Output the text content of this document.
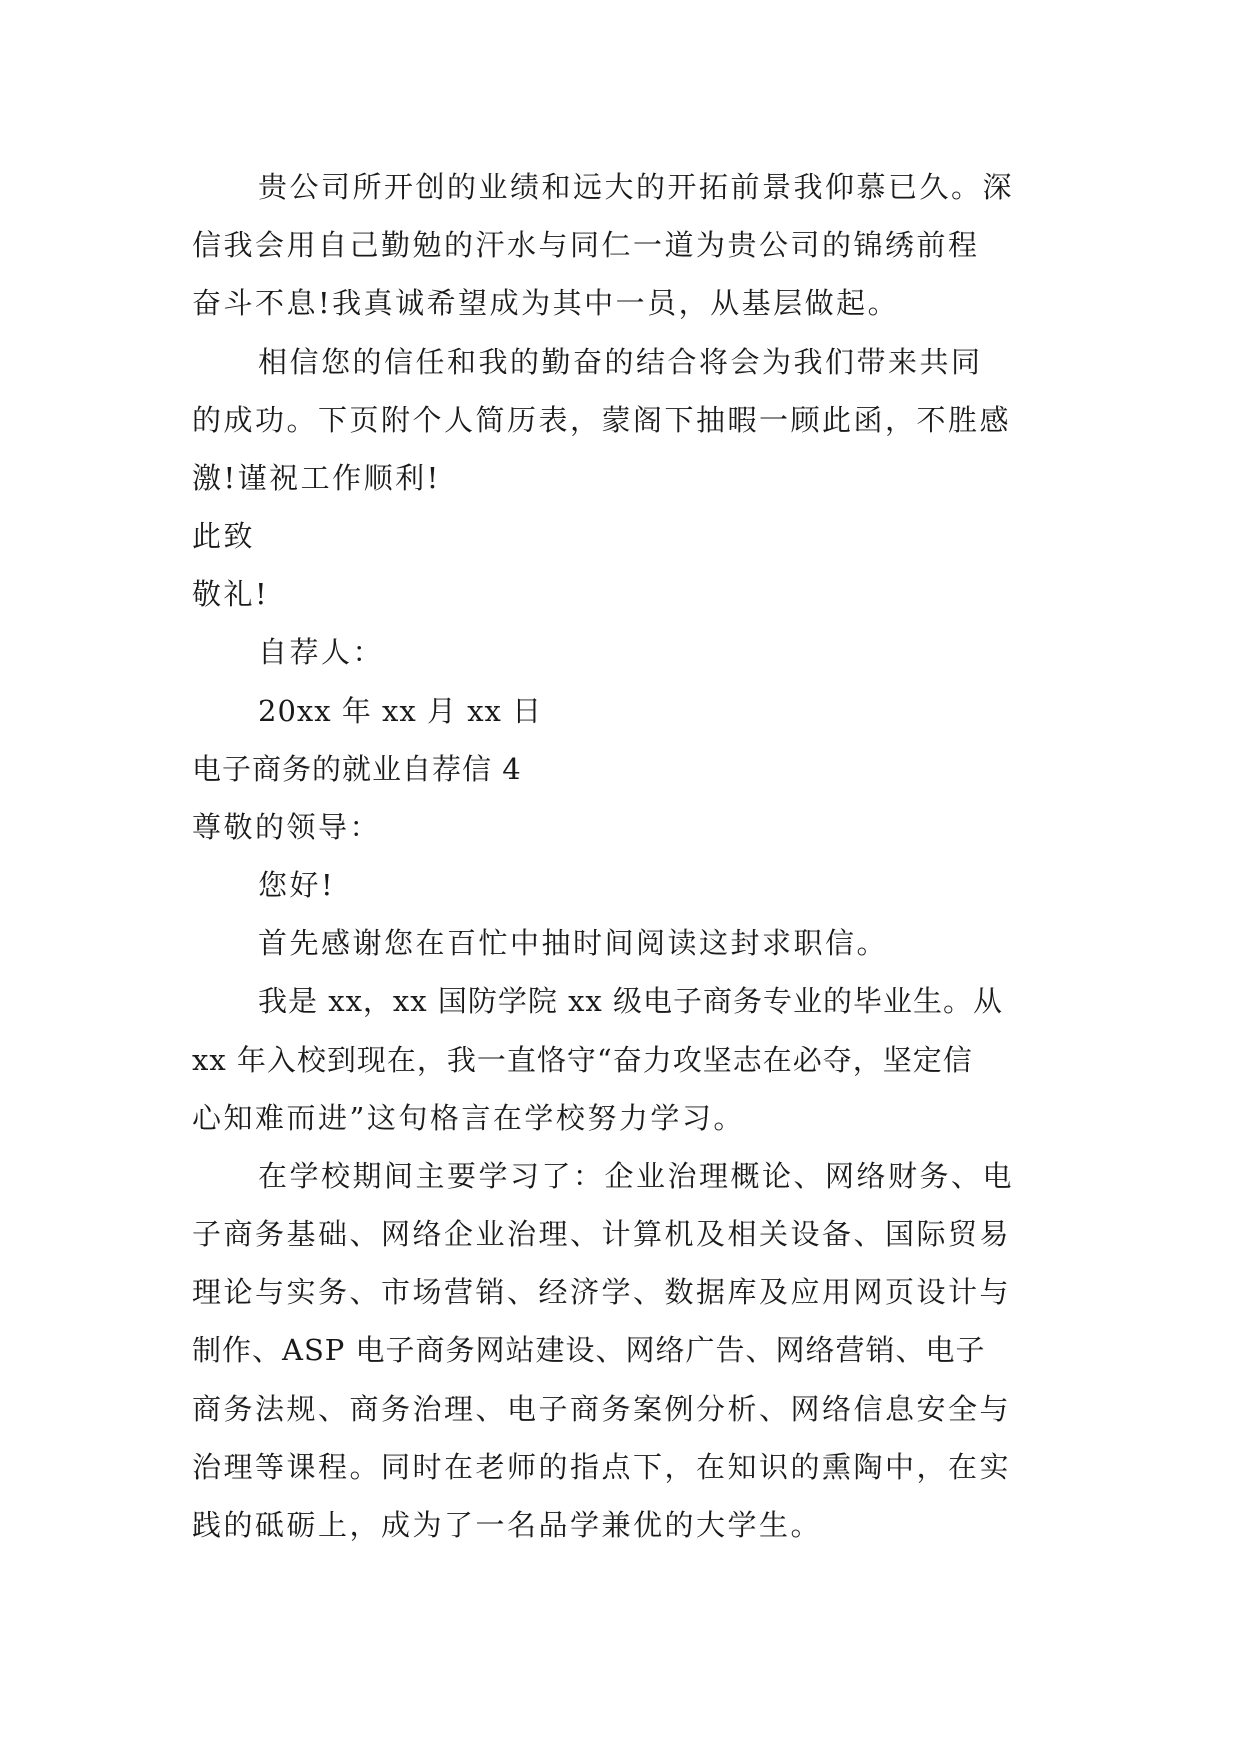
贵公司所开创的业绩和远大的开拓前景我仰慕已久。深
信我会用自己勤勉的汗水与同仁一道为贵公司的锦绣前程
奋斗不息!我真诚希望成为其中一员，从基层做起。
相信您的信任和我的勤奋的结合将会为我们带来共同
的成功。下页附个人简历表，蒙阁下抽暇一顾此函，不胜感
激!谨祝工作顺利!
此致
敬礼!
自荐人：
20xx 年 xx 月 xx 日
电子商务的就业自荐信 4
尊敬的领导：
您好!
首先感谢您在百忙中抽时间阅读这封求职信。
我是 xx，xx 国防学院 xx 级电子商务专业的毕业生。从
xx 年入校到现在，我一直恪守“奋力攻坚志在必夺，坚定信
心知难而进”这句格言在学校努力学习。
在学校期间主要学习了：企业治理概论、网络财务、电
子商务基础、网络企业治理、计算机及相关设备、国际贸易
理论与实务、市场营销、经济学、数据库及应用网页设计与
制作、ASP 电子商务网站建设、网络广告、网络营销、电子
商务法规、商务治理、电子商务案例分析、网络信息安全与
治理等课程。同时在老师的指点下，在知识的熏陶中，在实
践的砥砺上，成为了一名品学兼优的大学生。
